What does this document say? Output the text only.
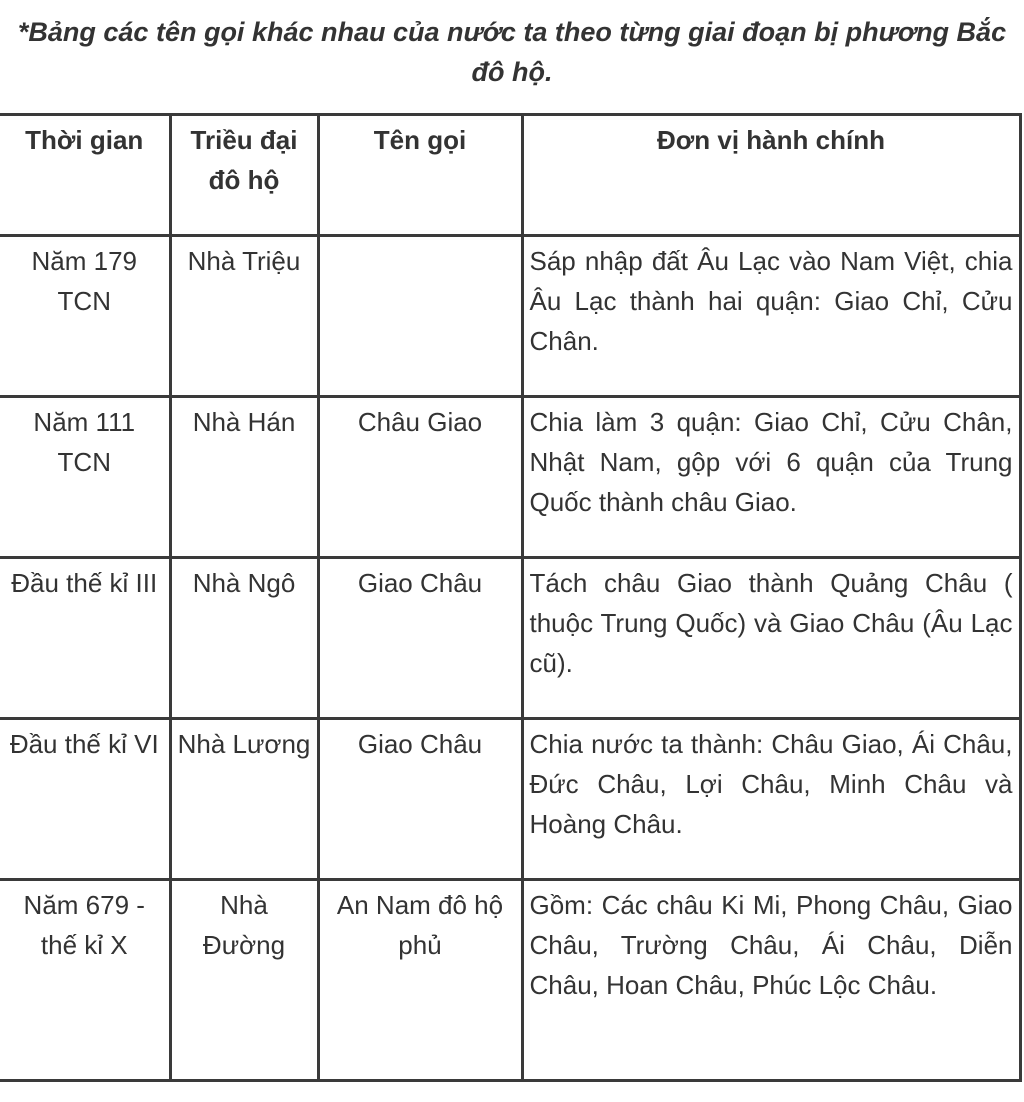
*Bảng các tên gọi khác nhau của nước ta theo từng giai đoạn bị phương Bắc đô hộ.
Thời gian	Triều đại đô hộ	Tên gọi	Đơn vị hành chính
Năm 179 TCN	Nhà Triệu		Sáp nhập đất Âu Lạc vào Nam Việt, chia Âu Lạc thành hai quận: Giao Chỉ, Cửu Chân.
Năm 111 TCN	Nhà Hán	Châu Giao	Chia làm 3 quận: Giao Chỉ, Cửu Chân, Nhật Nam, gộp với 6 quận của Trung Quốc thành châu Giao.
Đầu thế kỉ III	Nhà Ngô	Giao Châu	Tách châu Giao thành Quảng Châu ( thuộc Trung Quốc) và Giao Châu (Âu Lạc cũ).
Đầu thế kỉ VI	Nhà Lương	Giao Châu	Chia nước ta thành: Châu Giao, Ái Châu, Đức Châu, Lợi Châu, Minh Châu và Hoàng Châu.
Năm 679 - thế kỉ X	Nhà Đường	An Nam đô hộ phủ	Gồm: Các châu Ki Mi, Phong Châu, Giao Châu, Trường Châu, Ái Châu, Diễn Châu, Hoan Châu, Phúc Lộc Châu.
